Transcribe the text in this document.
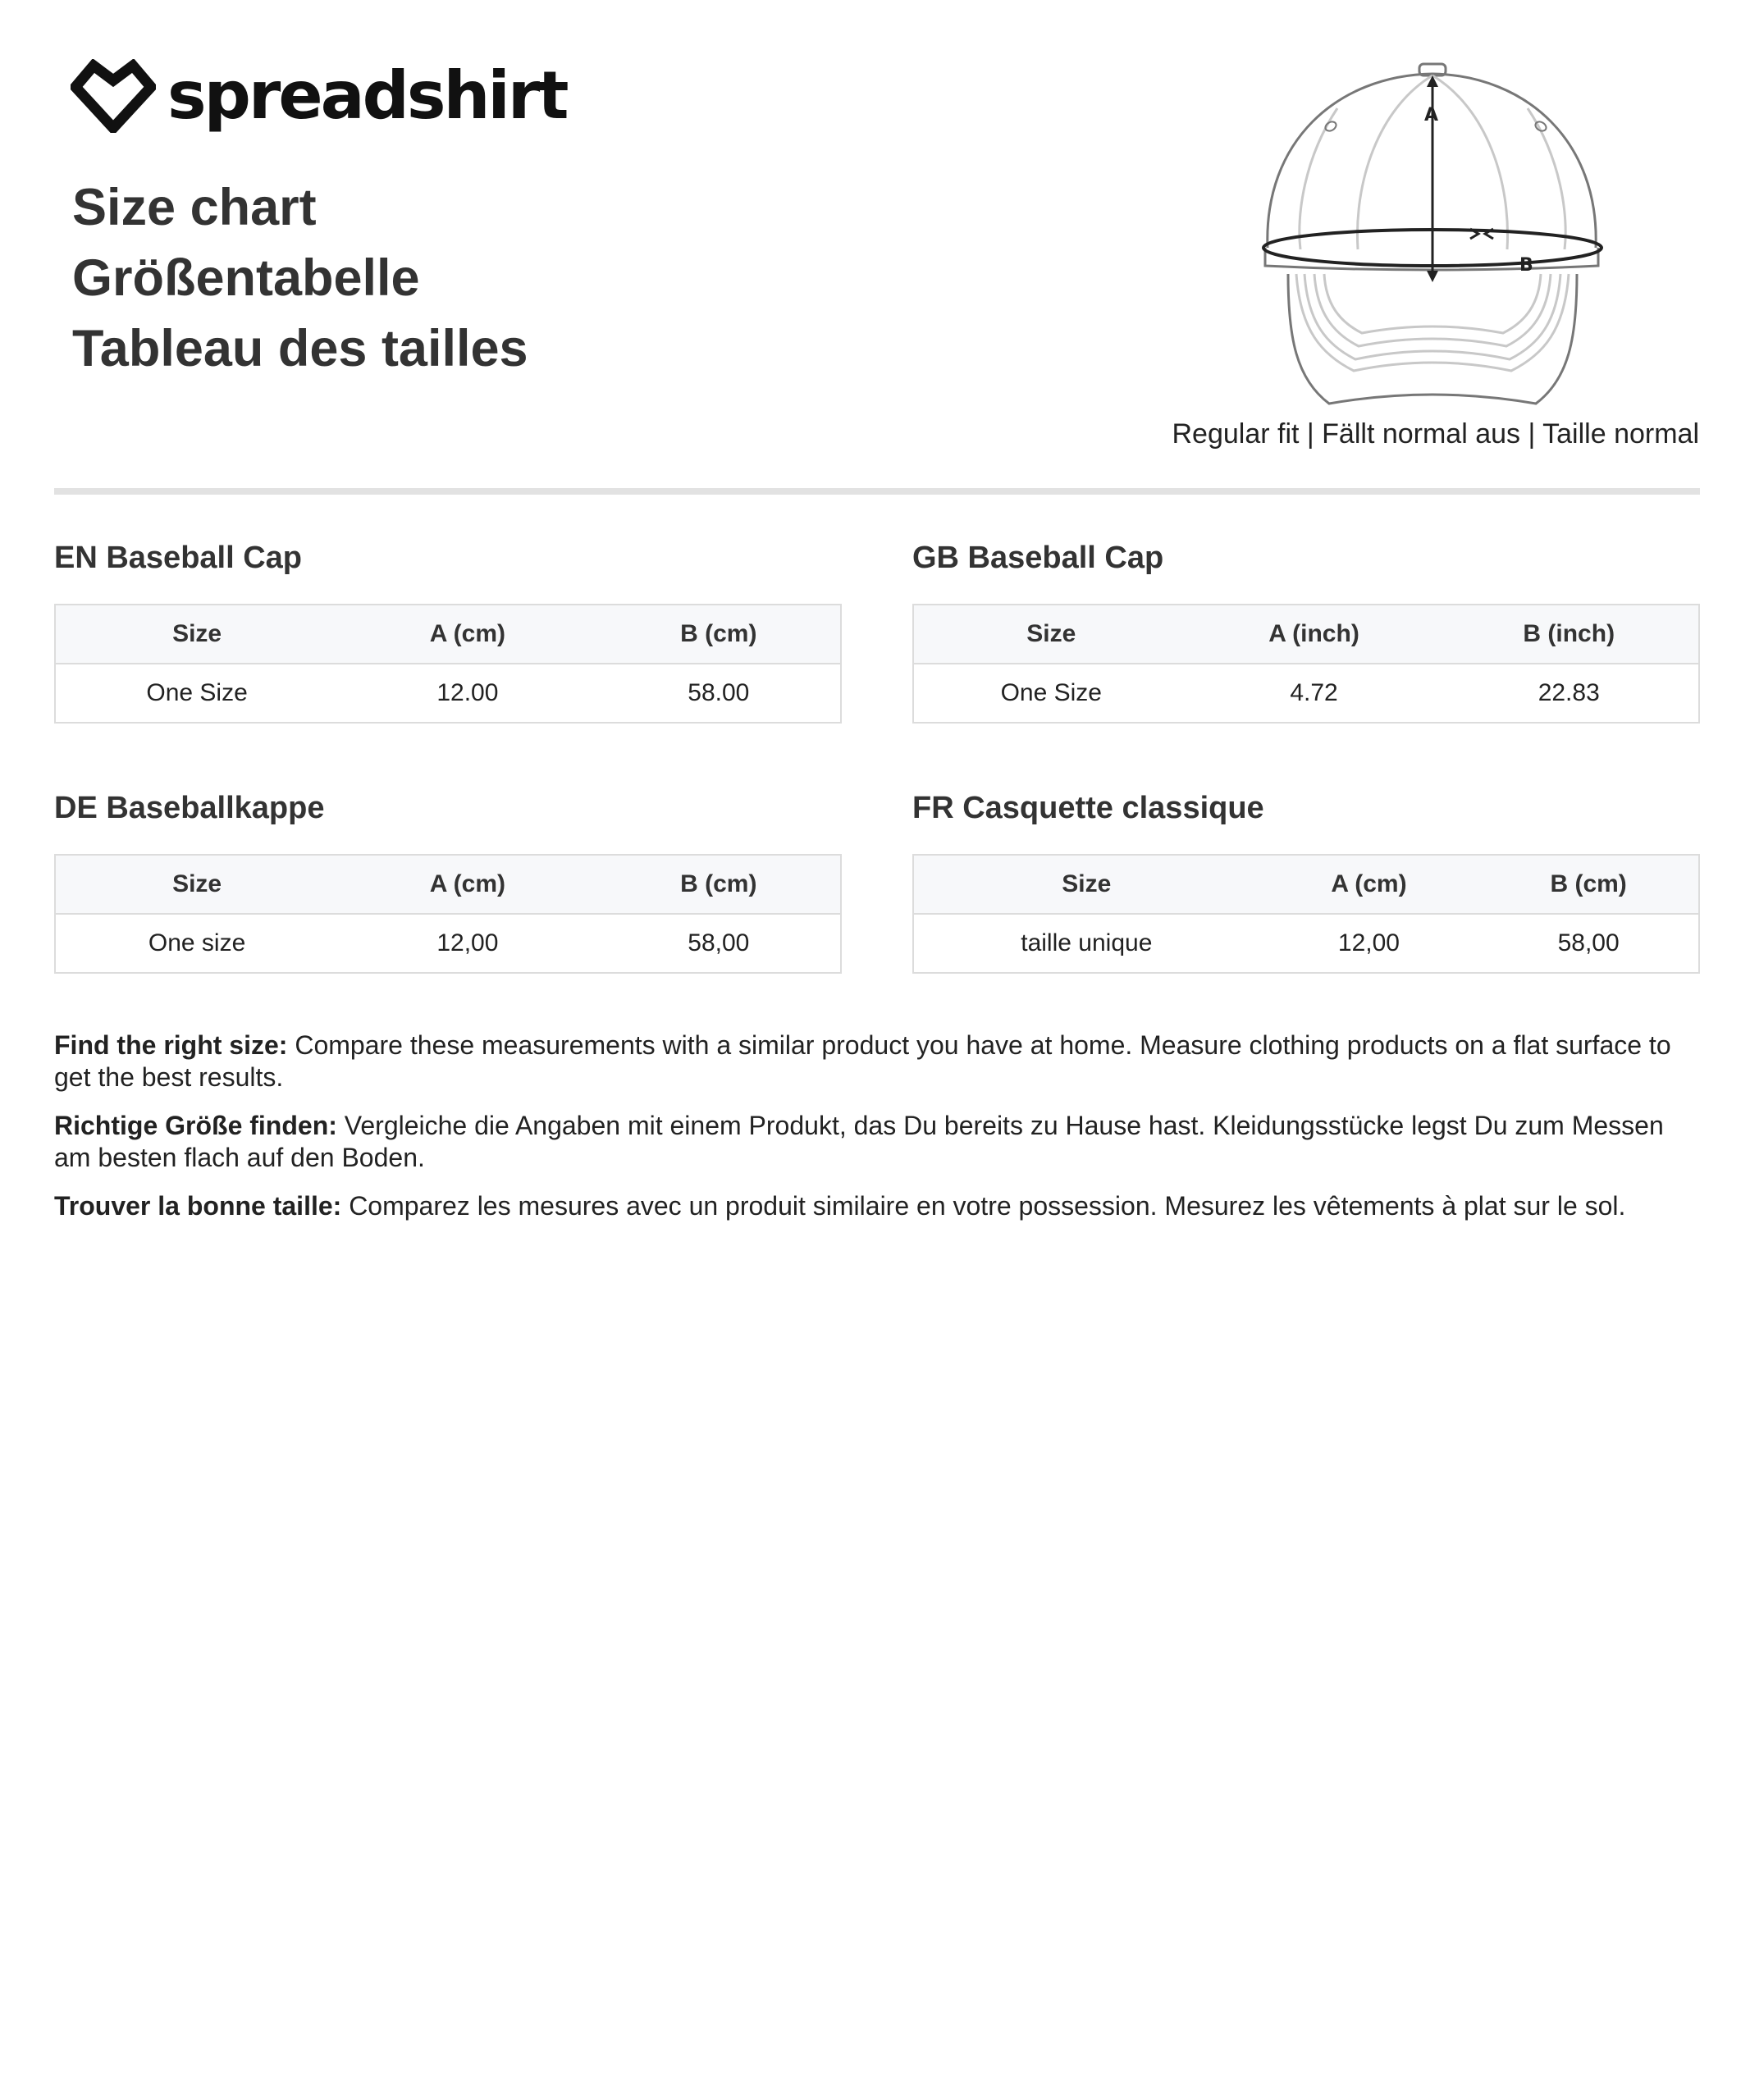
spreadshirt
Size chart
Größentabelle
Tableau des tailles
A
B
Regular fit | Fällt normal aus | Taille normal
EN Baseball Cap
Size	A (cm)	B (cm)
One Size	12.00	58.00
GB Baseball Cap
Size	A (inch)	B (inch)
One Size	4.72	22.83
DE Baseballkappe
Size	A (cm)	B (cm)
One size	12,00	58,00
FR Casquette classique
Size	A (cm)	B (cm)
taille unique	12,00	58,00

Find the right size: Compare these measurements with a similar product you have at home. Measure clothing products on a flat surface to get the best results.

Richtige Größe finden: Vergleiche die Angaben mit einem Produkt, das Du bereits zu Hause hast. Kleidungsstücke legst Du zum Messen am besten flach auf den Boden.

Trouver la bonne taille: Comparez les mesures avec un produit similaire en votre possession. Mesurez les vêtements à plat sur le sol.
